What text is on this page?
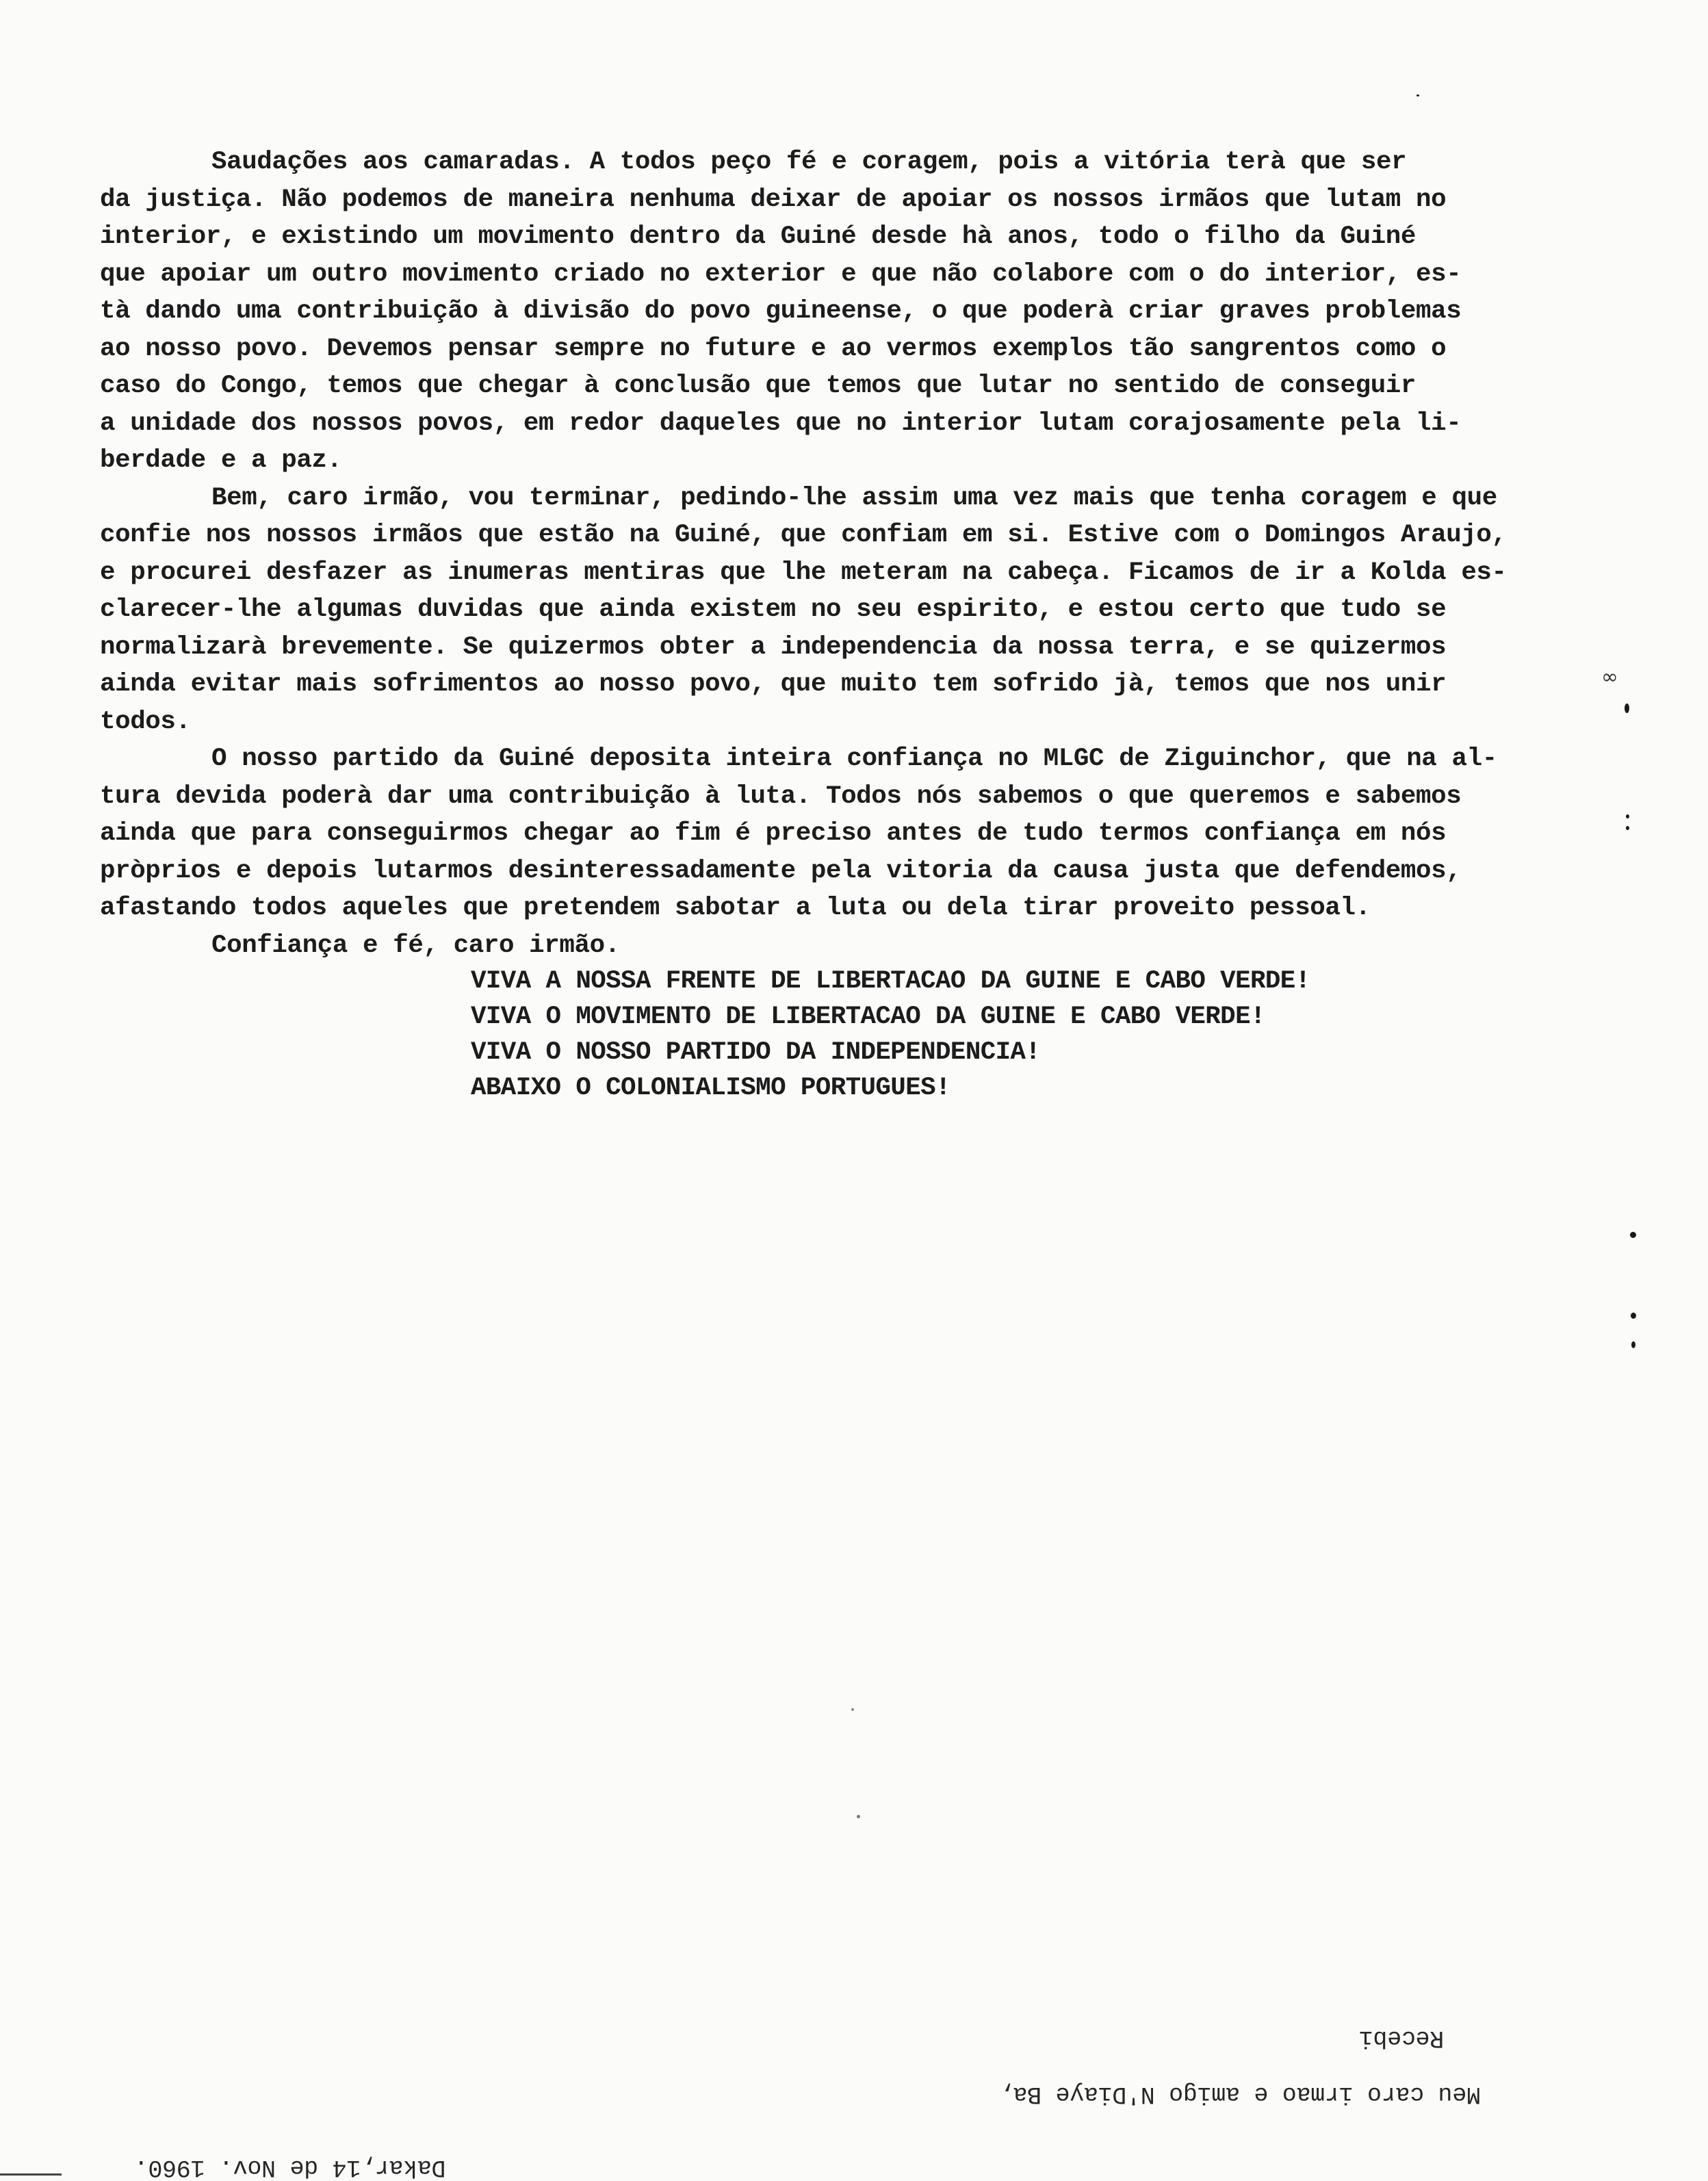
Saudações aos camaradas. A todos peço fé e coragem, pois a vitória terà que ser
da justiça. Não podemos de maneira nenhuma deixar de apoiar os nossos irmãos que lutam no
interior, e existindo um movimento dentro da Guiné desde hà anos, todo o filho da Guiné
que apoiar um outro movimento criado no exterior e que não colabore com o do interior, es-
tà dando uma contribuição à divisão do povo guineense, o que poderà criar graves problemas
ao nosso povo. Devemos pensar sempre no future e ao vermos exemplos tão sangrentos como o
caso do Congo, temos que chegar à conclusão que temos que lutar no sentido de conseguir
a unidade dos nossos povos, em redor daqueles que no interior lutam corajosamente pela li-
berdade e a paz.
Bem, caro irmão, vou terminar, pedindo-lhe assim uma vez mais que tenha coragem e que
confie nos nossos irmãos que estão na Guiné, que confiam em si. Estive com o Domingos Araujo,
e procurei desfazer as inumeras mentiras que lhe meteram na cabeça. Ficamos de ir a Kolda es-
clarecer-lhe algumas duvidas que ainda existem no seu espirito, e estou certo que tudo se
normalizarà brevemente. Se quizermos obter a independencia da nossa terra, e se quizermos
ainda evitar mais sofrimentos ao nosso povo, que muito tem sofrido jà, temos que nos unir
todos.
O nosso partido da Guiné deposita inteira confiança no MLGC de Ziguinchor, que na al-
tura devida poderà dar uma contribuição à luta. Todos nós sabemos o que queremos e sabemos
ainda que para conseguirmos chegar ao fim é preciso antes de tudo termos confiança em nós
pròprios e depois lutarmos desinteressadamente pela vitoria da causa justa que defendemos,
afastando todos aqueles que pretendem sabotar a luta ou dela tirar proveito pessoal.
Confiança e fé, caro irmão.
VIVA A NOSSA FRENTE DE LIBERTACAO DA GUINE E CABO VERDE!
VIVA O MOVIMENTO DE LIBERTACAO DA GUINE E CABO VERDE!
VIVA O NOSSO PARTIDO DA INDEPENDENCIA!
ABAIXO O COLONIALISMO PORTUGUES!
Recebi
Meu caro irmao e amigo N'Diaye Ba,
Dakar,14 de Nov. 1960.
∞
